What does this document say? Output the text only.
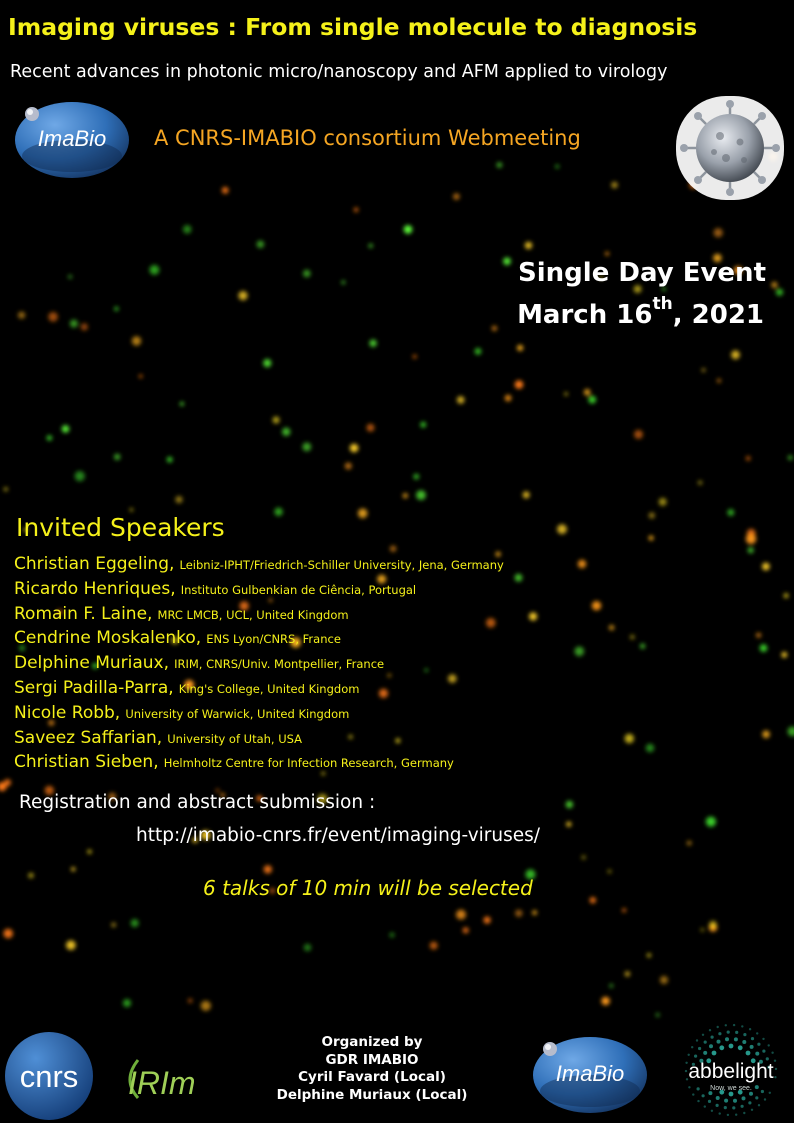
Imaging viruses : From single molecule to diagnosis
Recent advances in photonic micro/nanoscopy and AFM applied to virology
ImaBio A CNRS-IMABIO consortium Webmeeting
Single Day Event
March 16th, 2021
Invited Speakers
Christian Eggeling, Leibniz-IPHT/Friedrich-Schiller University, Jena, Germany
Ricardo Henriques, Instituto Gulbenkian de Ciência, Portugal
Romain F. Laine, MRC LMCB, UCL, United Kingdom
Cendrine Moskalenko, ENS Lyon/CNRS, France
Delphine Muriaux, IRIM, CNRS/Univ. Montpellier, France
Sergi Padilla-Parra, King's College, United Kingdom
Nicole Robb, University of Warwick, United Kingdom
Saveez Saffarian, University of Utah, USA
Christian Sieben, Helmholtz Centre for Infection Research, Germany
Registration and abstract submission :
http://imabio-cnrs.fr/event/imaging-viruses/
6 talks of 10 min will be selected
cnrs IRIm
Organized by
GDR IMABIO
Cyril Favard (Local)
Delphine Muriaux (Local)
ImaBio	abbelight
Now, we see.
